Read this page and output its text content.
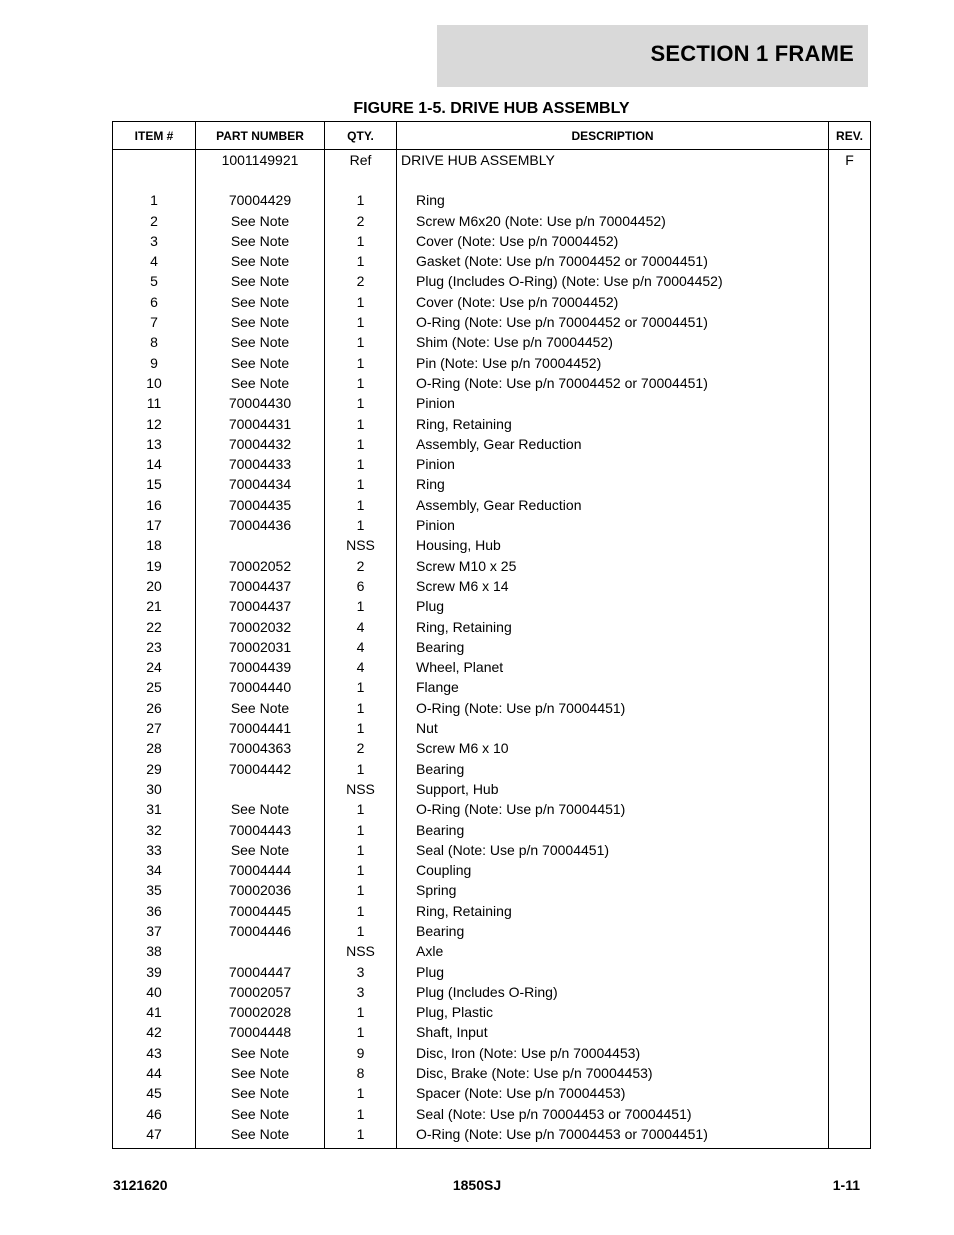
SECTION 1 FRAME
FIGURE 1-5. DRIVE HUB ASSEMBLY
ITEM #	PART NUMBER	QTY.	DESCRIPTION	REV.
	1001149921	Ref	DRIVE HUB ASSEMBLY	F

1	70004429	1	Ring	
2	See Note	2	Screw M6x20 (Note: Use p/n 70004452)	
3	See Note	1	Cover (Note: Use p/n 70004452)	
4	See Note	1	Gasket (Note: Use p/n 70004452 or 70004451)	
5	See Note	2	Plug (Includes O-Ring) (Note: Use p/n 70004452)	
6	See Note	1	Cover (Note: Use p/n 70004452)	
7	See Note	1	O-Ring (Note: Use p/n 70004452 or 70004451)	
8	See Note	1	Shim (Note: Use p/n 70004452)	
9	See Note	1	Pin (Note: Use p/n 70004452)	
10	See Note	1	O-Ring (Note: Use p/n 70004452 or 70004451)	
11	70004430	1	Pinion	
12	70004431	1	Ring, Retaining	
13	70004432	1	Assembly, Gear Reduction	
14	70004433	1	Pinion	
15	70004434	1	Ring	
16	70004435	1	Assembly, Gear Reduction	
17	70004436	1	Pinion	
18		NSS	Housing, Hub	
19	70002052	2	Screw M10 x 25	
20	70004437	6	Screw M6 x 14	
21	70004437	1	Plug	
22	70002032	4	Ring, Retaining	
23	70002031	4	Bearing	
24	70004439	4	Wheel, Planet	
25	70004440	1	Flange	
26	See Note	1	O-Ring (Note: Use p/n 70004451)	
27	70004441	1	Nut	
28	70004363	2	Screw M6 x 10	
29	70004442	1	Bearing	
30		NSS	Support, Hub	
31	See Note	1	O-Ring (Note: Use p/n 70004451)	
32	70004443	1	Bearing	
33	See Note	1	Seal (Note: Use p/n 70004451)	
34	70004444	1	Coupling	
35	70002036	1	Spring	
36	70004445	1	Ring, Retaining	
37	70004446	1	Bearing	
38		NSS	Axle	
39	70004447	3	Plug	
40	70002057	3	Plug (Includes O-Ring)	
41	70002028	1	Plug, Plastic	
42	70004448	1	Shaft, Input	
43	See Note	9	Disc, Iron (Note: Use p/n 70004453)	
44	See Note	8	Disc, Brake (Note: Use p/n 70004453)	
45	See Note	1	Spacer (Note: Use p/n 70004453)	
46	See Note	1	Seal (Note: Use p/n 70004453 or 70004451)	
47	See Note	1	O-Ring (Note: Use p/n 70004453 or 70004451)	
3121620	1850SJ	1-11
